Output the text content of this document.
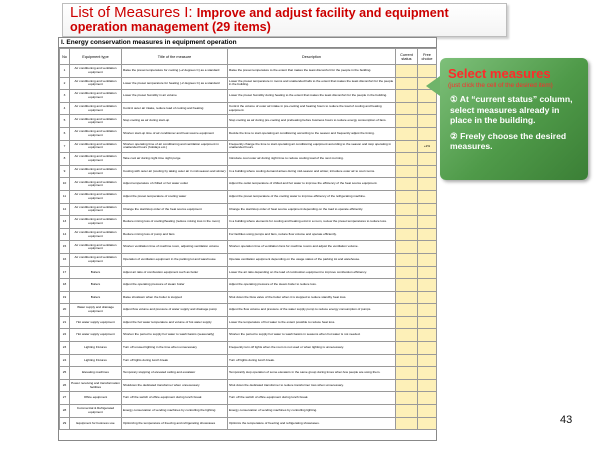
List of Measures I: Improve and adjust facility and equipment operation management (29 items)
I. Energy conservation measures in equipment operation
No	Equipment type	Title of the measure	Description	Current status	Free choice
1	Air conditioning and ventilation equipment	Raise the preset temperature for cooling (+2 degrees C) as a standard	Raise the preset temperature to the extent that makes the least discomfort for the people in the building.		
2	Air conditioning and ventilation equipment	Lower the preset temperature for heating (-2 degrees C) as a standard	Lower the preset temperature in rooms and unattended halls to the extent that makes the least discomfort for the people in the building.		
3	Air conditioning and ventilation equipment	Lower the preset humidity in air volume	Lower the preset humidity during heating to the extent that makes the least discomfort for the people in the building.		
4	Air conditioning and ventilation equipment	Control outer air intake, reduce load of cooling and heating	Control the volume of outer air intake in pre-cooling and heating hours to reduce the load of cooling and heating equipment.		
5	Air conditioning and ventilation equipment	Stop cooling as air during start-up	Stop cooling as air during pre-cooling and preheating before business hours to reduce energy consumption of fans.		
6	Air conditioning and ventilation equipment	Shorten start-up time of air conditioner and heat source equipment	Decide the time to start operating air conditioning according to the season and frequently adjust the timing.		
7	Air conditioning and ventilation equipment	Shorten operating time of air conditioning and ventilation equipment in unattended hours (holidays etc.)	Frequently change the time to start operating air conditioning equipment according to the season and stop operating in unattended hours.		+2%
8	Air conditioning and ventilation equipment	Take cool air during night time night purge	Introduce cool outer air during night time to reduce cooling load of the next morning.		
9	Air conditioning and ventilation equipment	Cooling with outer air (cooling by taking outer air in mid-season and winter)	In a building where cooling demand arises during mid-season and winter, introduce outer air to cool rooms.		
10	Air conditioning and ventilation equipment	Adjust temperature of chilled or hot water outlet	Adjust the outlet temperature of chilled and hot water to improve the efficiency of the heat source equipment.		
11	Air conditioning and ventilation equipment	Adjust the preset temperature of cooling water	Adjust the preset temperature of the cooling water to improve efficiency of the refrigerating machine.		
12	Air conditioning and ventilation equipment	Change the start/stop order of the heat source equipment	Change the start/stop order of heat source equipment depending on the load to operate efficiently.		
13	Air conditioning and ventilation equipment	Reduce mixing loss of cooling/heating (reduce mixing loss in the room)	In a building where elements for cooling and heating exist in a room, review the preset temperatures to reduce loss.		
14	Air conditioning and ventilation equipment	Reduce mixing loss of pump and fans	For facilities using pumps and fans, reduce flow volume and operate efficiently.		
15	Air conditioning and ventilation equipment	Shorten ventilation time of machine room, adjusting ventilation volume	Shorten operation time of ventilation fans for machine rooms and adjust the ventilation volume.		
16	Air conditioning and ventilation equipment	Operation of ventilation equipment in the parking lot and warehouse	Operate ventilation equipment depending on the usage status of the parking lot and warehouse.		
17	Boilers	Adjust air ratio of combustion equipment such as boiler	Lower the air ratio depending on the load of combustion equipment to improve combustion efficiency.		
18	Boilers	Adjust the operating pressure of steam boiler	Adjust the operating pressure of the steam boiler to reduce loss.		
19	Boilers	Raise shutdown when the boiler is stopped	Shut down the blow valve of the boiler when it is stopped to reduce standby heat loss.		
20	Water supply and drainage equipment	Adjust flow volume and pressure of water supply and drainage pump	Adjust the flow volume and pressure of the water supply pump to reduce energy consumption of pumps.		
21	Hot water supply equipment	Adjust the hot water temperature and volume of hot water supply	Lower the temperature of hot water to the extent possible to reduce heat loss.		
22	Hot water supply equipment	Shorten the period to supply hot water to wash basins (seasonally)	Shorten the period to supply hot water to wash basins in seasons when hot water is not needed.		
23	Lighting Fixtures	Turn off unused lighting in the time when unnecessary	Frequently turn off lights when the room is not used or when lighting is unnecessary.		
24	Lighting Fixtures	Turn off lights during lunch break	Turn off lights during lunch break.		
25	Elevating machines	Temporary stopping of elevated ceiling and escalator	Temporarily stop operation of some elevators in the same group during times when few people are using them.		
26	Power receiving and transformation facilities	Shutdown the dedicated transformer when unnecessary	Shut down the dedicated transformer to reduce transformer loss when unnecessary.		
27	Office equipment	Turn off the switch of office equipment during lunch break	Turn off the switch of office equipment during lunch break.		
28	Commercial & Refrigerated equipment	Energy conservation of vending machines by controlling the lighting	Energy conservation of vending machines by controlling lighting.		
29	Equipment for business use	Optimizing the temperature of freezing and refrigerating showcases	Optimize the temperature of freezing and refrigerating showcases.		
Select measures
(just click the cell of the desired item)
① At “current status” column, select measures already in place in the building.
② Freely choose the desired measures.
43
